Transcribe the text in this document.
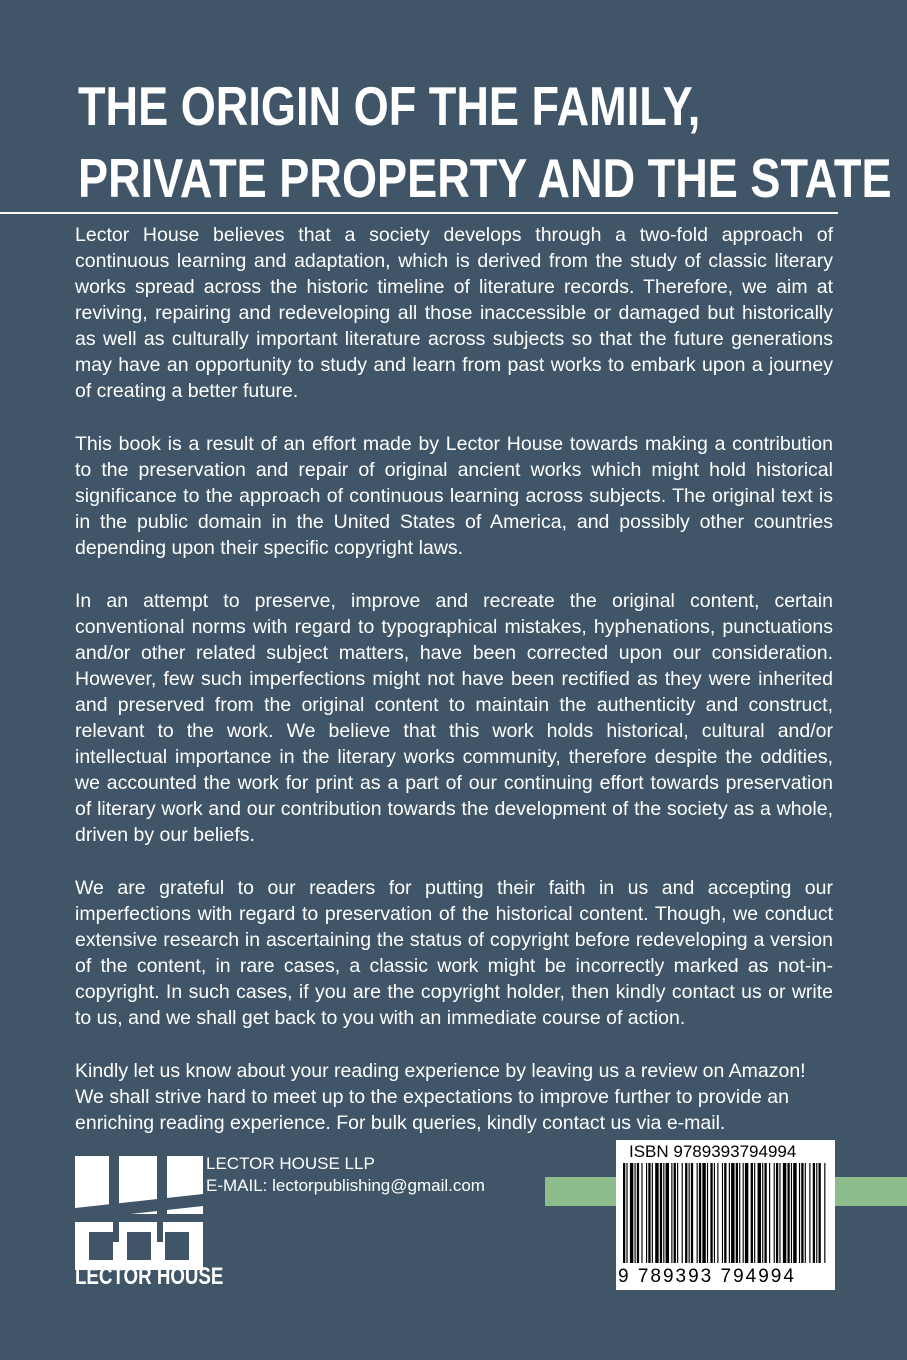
THE ORIGIN OF THE FAMILY,
PRIVATE PROPERTY AND THE STATE

Lector House believes that a society develops through a two-fold approach of continuous learning and adaptation, which is derived from the study of classic literary works spread across the historic timeline of literature records. Therefore, we aim at reviving, repairing and redeveloping all those inaccessible or damaged but historically as well as culturally important literature across subjects so that the future generations may have an opportunity to study and learn from past works to embark upon a journey of creating a better future.

This book is a result of an effort made by Lector House towards making a contribution to the preservation and repair of original ancient works which might hold historical significance to the approach of continuous learning across subjects. The original text is in the public domain in the United States of America, and possibly other countries depending upon their specific copyright laws.

In an attempt to preserve, improve and recreate the original content, certain conventional norms with regard to typographical mistakes, hyphenations, punctuations and/or other related subject matters, have been corrected upon our consideration. However, few such imperfections might not have been rectified as they were inherited and preserved from the original content to maintain the authenticity and construct, relevant to the work. We believe that this work holds historical, cultural and/or intellectual importance in the literary works community, therefore despite the oddities, we accounted the work for print as a part of our continuing effort towards preservation of literary work and our contribution towards the development of the society as a whole, driven by our beliefs.

We are grateful to our readers for putting their faith in us and accepting our imperfections with regard to preservation of the historical content. Though, we conduct extensive research in ascertaining the status of copyright before redeveloping a version of the content, in rare cases, a classic work might be incorrectly marked as not-in-copyright. In such cases, if you are the copyright holder, then kindly contact us or write to us, and we shall get back to you with an immediate course of action.

Kindly let us know about your reading experience by leaving us a review on Amazon! We shall strive hard to meet up to the expectations to improve further to provide an enriching reading experience. For bulk queries, kindly contact us via e-mail.

LECTOR HOUSE
LECTOR HOUSE LLP
E-MAIL: lectorpublishing@gmail.com
ISBN 9789393794994
9 789393 794994
